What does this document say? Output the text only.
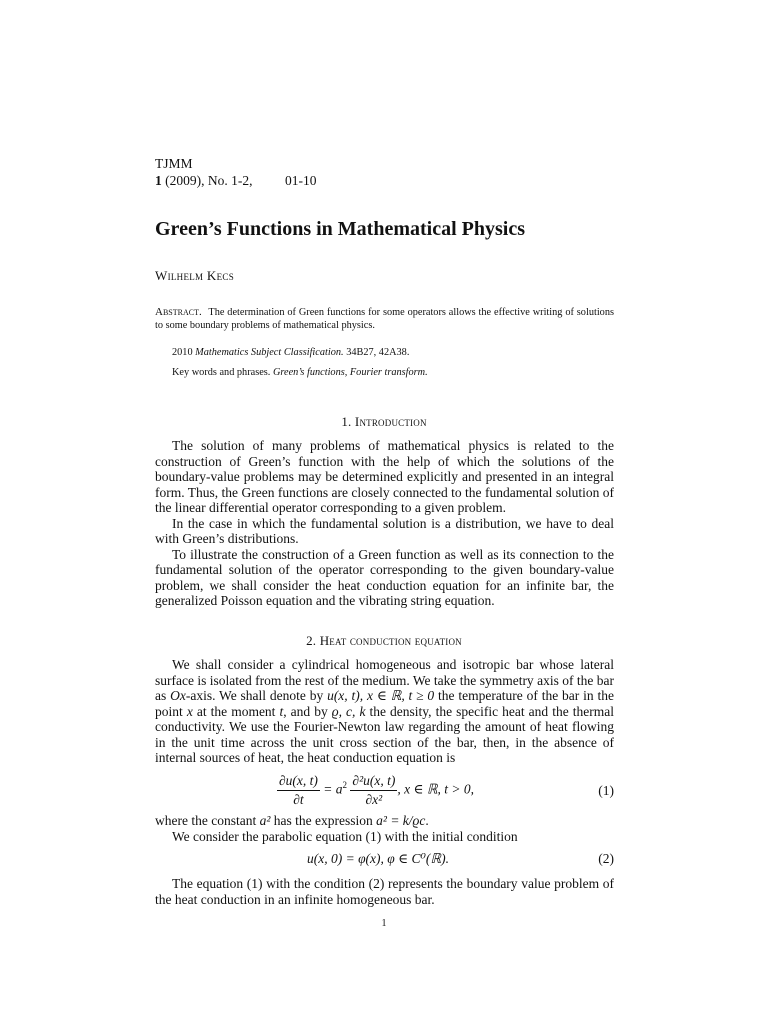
TJMM
1 (2009), No. 1-2, 01-10
Green’s Functions in Mathematical Physics
Wilhelm Kecs
Abstract. The determination of Green functions for some operators allows the effective writing of solutions to some boundary problems of mathematical physics.
2010 Mathematics Subject Classification. 34B27, 42A38.
Key words and phrases. Green’s functions, Fourier transform.
1. Introduction

The solution of many problems of mathematical physics is related to the construction of Green’s function with the help of which the solutions of the boundary-value problems may be determined explicitly and presented in an integral form. Thus, the Green functions are closely connected to the fundamental solution of the linear differential operator corresponding to a given problem.

In the case in which the fundamental solution is a distribution, we have to deal with Green’s distributions.

To illustrate the construction of a Green function as well as its connection to the fundamental solution of the operator corresponding to the given boundary-value problem, we shall consider the heat conduction equation for an infinite bar, the generalized Poisson equation and the vibrating string equation.

2. Heat conduction equation

We shall consider a cylindrical homogeneous and isotropic bar whose lateral surface is isolated from the rest of the medium. We take the symmetry axis of the bar as Ox-axis. We shall denote by u(x, t), x ∈ ℝ, t ≥ 0 the temperature of the bar in the point x at the moment t, and by ϱ, c, k the density, the specific heat and the thermal conductivity. We use the Fourier-Newton law regarding the amount of heat flowing in the unit time across the unit cross section of the bar, then, in the absence of internal sources of heat, the heat conduction equation is

$\frac{\partial u(x, t)}{\partial t} = a^2 \frac{\text{∂²u(x, t)}}{\text{∂x²}}$ , x ∈ ℝ, t > 0,	(1)

where the constant a² has the expression a² = k/ϱc.

We consider the parabolic equation (1) with the initial condition

u(x, 0) = φ(x), φ ∈ C⁰(ℝ).	(2)

The equation (1) with the condition (2) represents the boundary value problem of the heat conduction in an infinite homogeneous bar.

1
